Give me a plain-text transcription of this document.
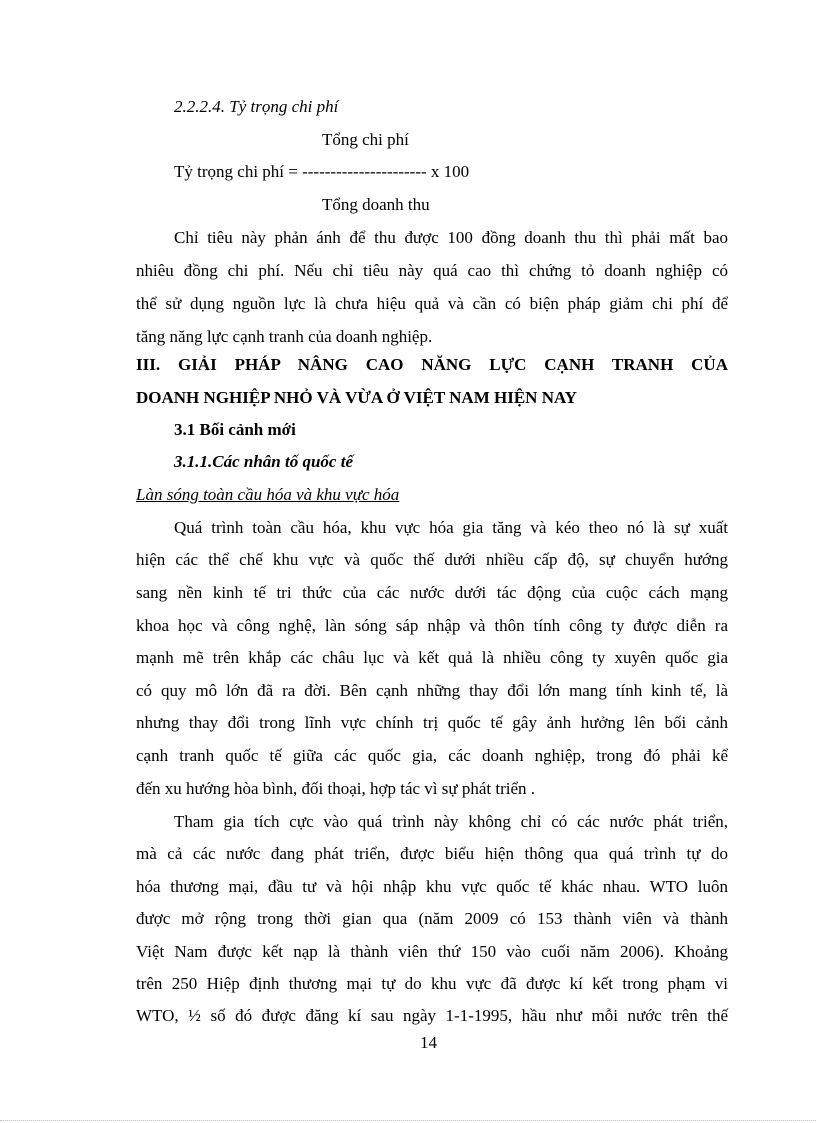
2.2.2.4. Tỷ trọng chi phí
Tổng chi phí
Tỷ trọng chi phí = ---------------------- x 100
Tổng doanh thu
Chỉ tiêu này phản ánh để thu được 100 đồng doanh thu thì phải mất bao
nhiêu đồng chi phí. Nếu chỉ tiêu này quá cao thì chứng tỏ doanh nghiệp có
thể sử dụng nguồn lực là chưa hiệu quả và cần có biện pháp giảm chi phí để
tăng năng lực cạnh tranh của doanh nghiệp.
III. GIẢI PHÁP NÂNG CAO NĂNG LỰC CẠNH TRANH CỦA
DOANH NGHIỆP NHỎ VÀ VỪA Ở VIỆT NAM HIỆN NAY
3.1 Bối cảnh mới
3.1.1.Các nhân tố quốc tế
Làn sóng toàn cầu hóa và khu vực hóa
Quá trình toàn cầu hóa, khu vực hóa gia tăng và kéo theo nó là sự xuất
hiện các thể chế khu vực và quốc thế dưới nhiều cấp độ, sự chuyển hướng
sang nền kinh tế tri thức của các nước dưới tác động của cuộc cách mạng
khoa học và công nghệ, làn sóng sáp nhập và thôn tính công ty được diễn ra
mạnh mẽ trên khắp các châu lục và kết quả là nhiều công ty xuyên quốc gia
có quy mô lớn đã ra đời. Bên cạnh những thay đổi lớn mang tính kinh tế, là
nhưng thay đổi trong lĩnh vực chính trị quốc tế gây ảnh hưởng lên bối cảnh
cạnh tranh quốc tế giữa các quốc gia, các doanh nghiệp, trong đó phải kể
đến xu hướng hòa bình, đối thoại, hợp tác vì sự phát triển .
Tham gia tích cực vào quá trình này không chỉ có các nước phát triển,
mà cả các nước đang phát triển, được biểu hiện thông qua quá trình tự do
hóa thương mại, đầu tư và hội nhập khu vực quốc tế khác nhau. WTO luôn
được mở rộng trong thời gian qua (năm 2009 có 153 thành viên và thành
Việt Nam được kết nạp là thành viên thứ 150 vào cuối năm 2006). Khoảng
trên 250 Hiệp định thương mại tự do khu vực đã được kí kết trong phạm vi
WTO, ½ số đó được đăng kí sau ngày 1-1-1995, hầu như mỗi nước trên thế
14
